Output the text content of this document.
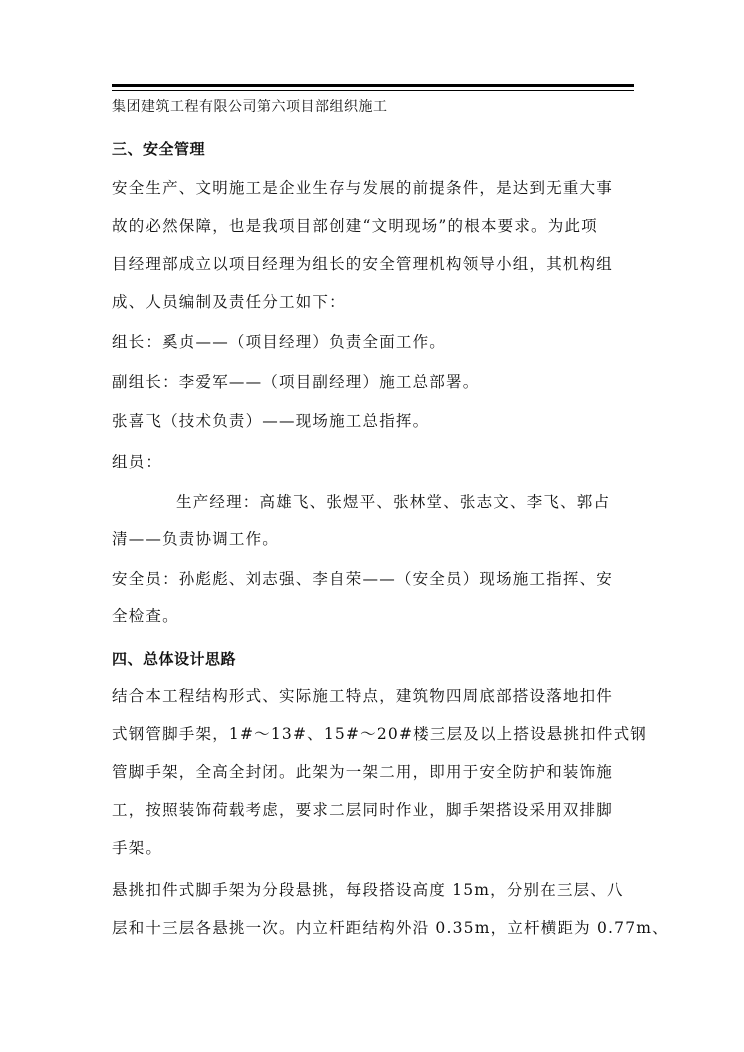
集团建筑工程有限公司第六项目部组织施工
三、安全管理
安全生产、文明施工是企业生存与发展的前提条件，是达到无重大事
故的必然保障，也是我项目部创建“文明现场”的根本要求。为此项
目经理部成立以项目经理为组长的安全管理机构领导小组，其机构组
成、人员编制及责任分工如下：
组长：奚贞——（项目经理）负责全面工作。
副组长：李爱军——（项目副经理）施工总部署。
张喜飞（技术负责）——现场施工总指挥。
组员：
生产经理：高雄飞、张煜平、张林堂、张志文、李飞、郭占
清——负责协调工作。
安全员：孙彪彪、刘志强、李自荣——（安全员）现场施工指挥、安
全检查。
四、总体设计思路
结合本工程结构形式、实际施工特点，建筑物四周底部搭设落地扣件
式钢管脚手架，1#～13#、15#～20#楼三层及以上搭设悬挑扣件式钢
管脚手架，全高全封闭。此架为一架二用，即用于安全防护和装饰施
工，按照装饰荷载考虑，要求二层同时作业，脚手架搭设采用双排脚
手架。
悬挑扣件式脚手架为分段悬挑，每段搭设高度 15m，分别在三层、八
层和十三层各悬挑一次。内立杆距结构外沿 0.35m，立杆横距为 0.77m、
